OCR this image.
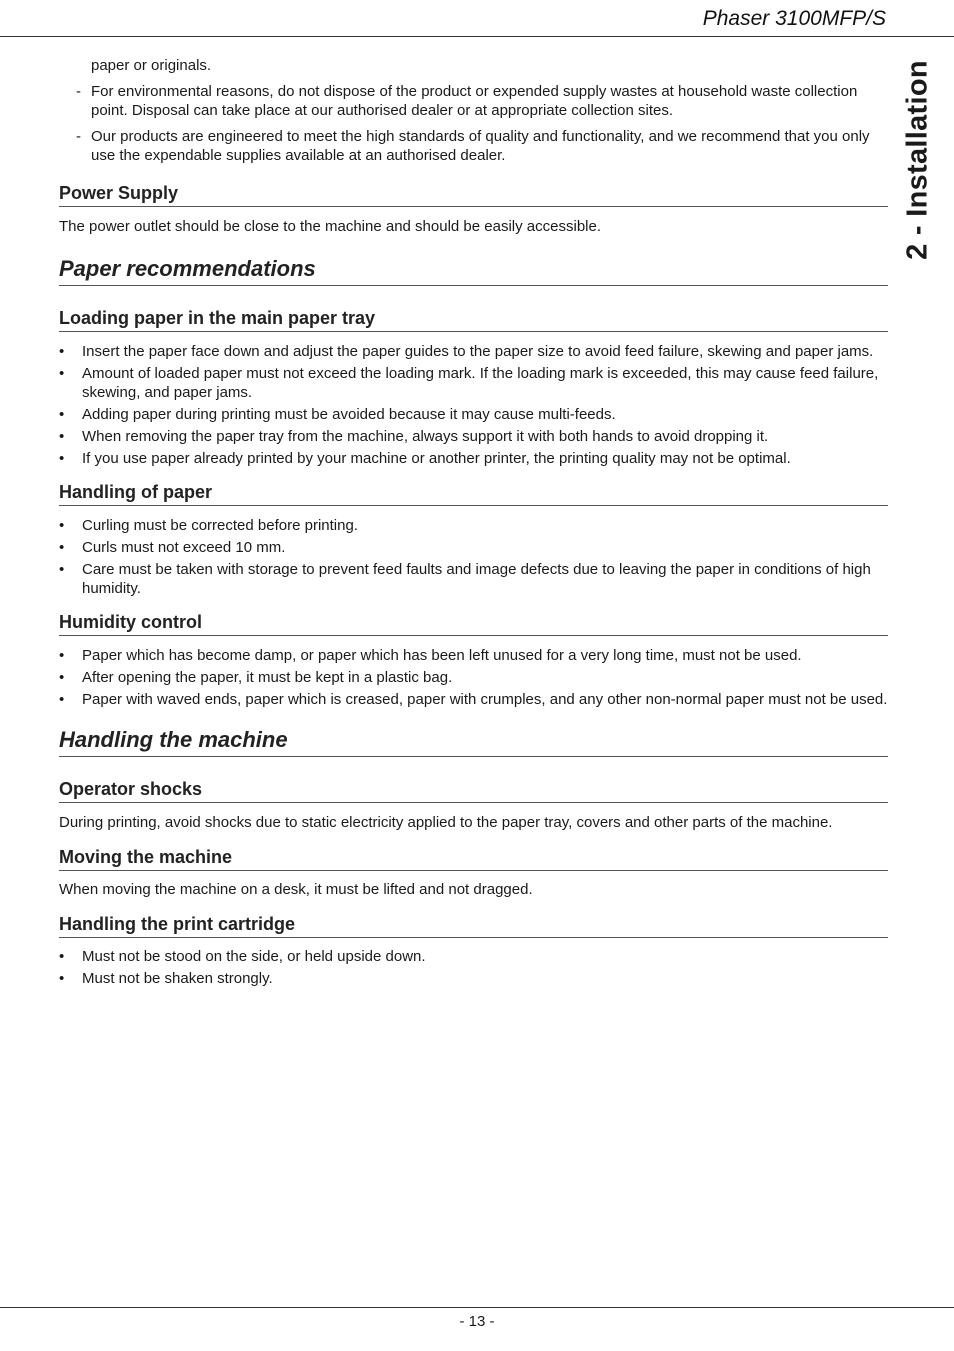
Phaser 3100MFP/S
2 - Installation

paper or originals.

- For environmental reasons, do not dispose of the product or expended supply wastes at household waste collection point. Disposal can take place at our authorised dealer or at appropriate collection sites.
- Our products are engineered to meet the high standards of quality and functionality, and we recommend that you only use the expendable supplies available at an authorised dealer.
Power Supply

The power outlet should be close to the machine and should be easily accessible.

Paper recommendations
Loading paper in the main paper tray
• Insert the paper face down and adjust the paper guides to the paper size to avoid feed failure, skewing and paper jams.
• Amount of loaded paper must not exceed the loading mark. If the loading mark is exceeded, this may cause feed failure, skewing, and paper jams.
• Adding paper during printing must be avoided because it may cause multi-feeds.
• When removing the paper tray from the machine, always support it with both hands to avoid dropping it.
• If you use paper already printed by your machine or another printer, the printing quality may not be optimal.
Handling of paper
• Curling must be corrected before printing.
• Curls must not exceed 10 mm.
• Care must be taken with storage to prevent feed faults and image defects due to leaving the paper in conditions of high humidity.
Humidity control
• Paper which has become damp, or paper which has been left unused for a very long time, must not be used.
• After opening the paper, it must be kept in a plastic bag.
• Paper with waved ends, paper which is creased, paper with crumples, and any other non-normal paper must not be used.
Handling the machine
Operator shocks

During printing, avoid shocks due to static electricity applied to the paper tray, covers and other parts of the machine.

Moving the machine

When moving the machine on a desk, it must be lifted and not dragged.

Handling the print cartridge
• Must not be stood on the side, or held upside down.
• Must not be shaken strongly.
- 13 -
